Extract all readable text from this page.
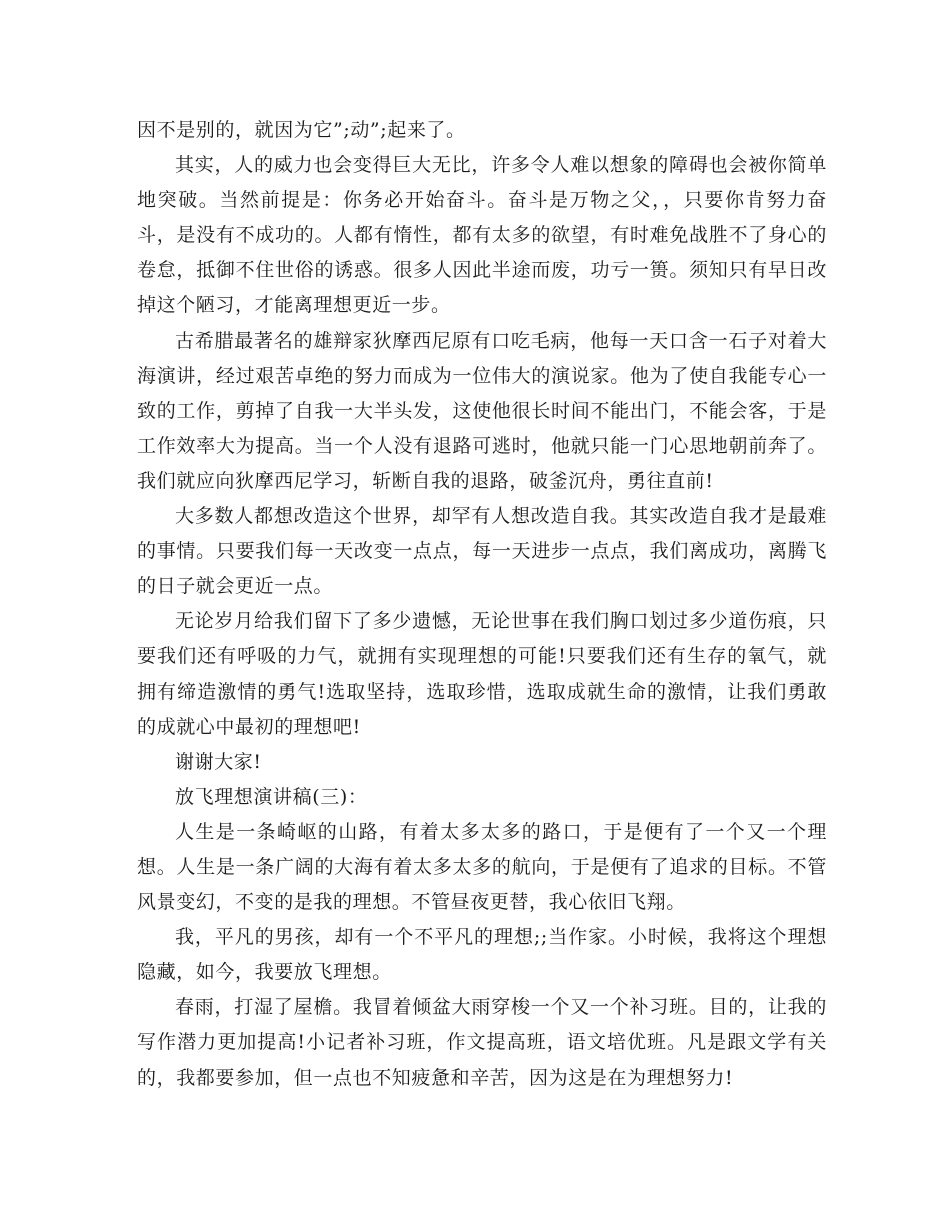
因不是别的，就因为它”;动”;起来了。

其实，人的威力也会变得巨大无比，许多令人难以想象的障碍也会被你简单地突破。当然前提是：你务必开始奋斗。奋斗是万物之父，，只要你肯努力奋斗，是没有不成功的。人都有惰性，都有太多的欲望，有时难免战胜不了身心的卷怠，抵御不住世俗的诱惑。很多人因此半途而废，功亏一篑。须知只有早日改掉这个陋习，才能离理想更近一步。

古希腊最著名的雄辩家狄摩西尼原有口吃毛病，他每一天口含一石子对着大海演讲，经过艰苦卓绝的努力而成为一位伟大的演说家。他为了使自我能专心一致的工作，剪掉了自我一大半头发，这使他很长时间不能出门，不能会客，于是工作效率大为提高。当一个人没有退路可逃时，他就只能一门心思地朝前奔了。我们就应向狄摩西尼学习，斩断自我的退路，破釜沉舟，勇往直前!

大多数人都想改造这个世界，却罕有人想改造自我。其实改造自我才是最难的事情。只要我们每一天改变一点点，每一天进步一点点，我们离成功，离腾飞的日子就会更近一点。

无论岁月给我们留下了多少遗憾，无论世事在我们胸口划过多少道伤痕，只要我们还有呼吸的力气，就拥有实现理想的可能!只要我们还有生存的氧气，就拥有缔造激情的勇气!选取坚持，选取珍惜，选取成就生命的激情，让我们勇敢的成就心中最初的理想吧!

谢谢大家!

放飞理想演讲稿(三)：

人生是一条崎岖的山路，有着太多太多的路口，于是便有了一个又一个理想。人生是一条广阔的大海有着太多太多的航向，于是便有了追求的目标。不管风景变幻，不变的是我的理想。不管昼夜更替，我心依旧飞翔。

我，平凡的男孩，却有一个不平凡的理想;;当作家。小时候，我将这个理想隐藏，如今，我要放飞理想。

春雨，打湿了屋檐。我冒着倾盆大雨穿梭一个又一个补习班。目的，让我的写作潜力更加提高!小记者补习班，作文提高班，语文培优班。凡是跟文学有关的，我都要参加，但一点也不知疲惫和辛苦，因为这是在为理想努力!
